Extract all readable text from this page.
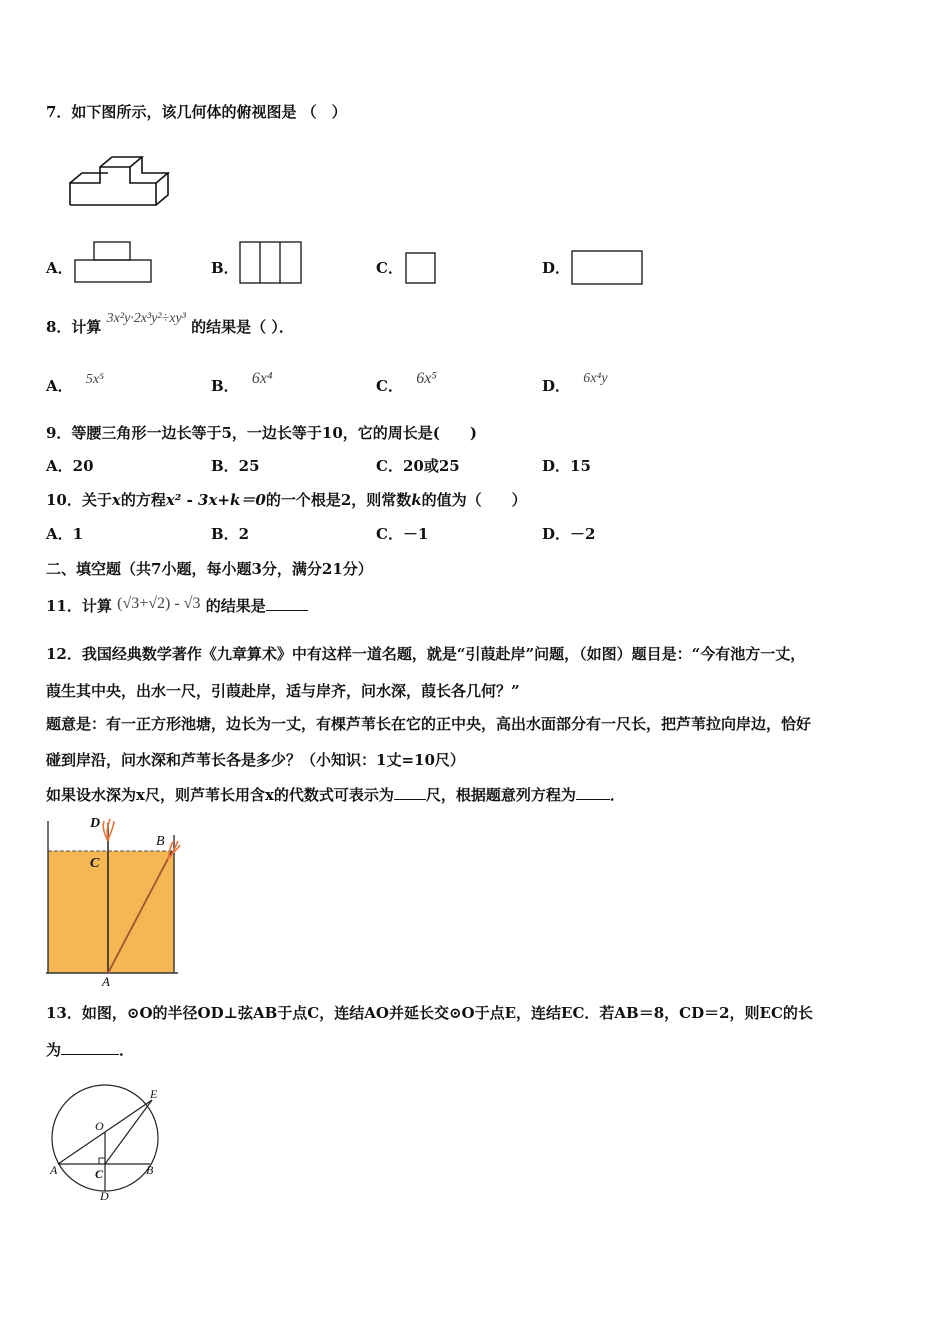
7．如下图所示，该几何体的俯视图是 （　）
A．	B．	C．	D．
8．计算 3x²y·2x³y²÷xy³ 的结果是（ ）．
A． 5x⁵	B． 6x⁴	C． 6x⁵	D． 6x⁴y
9．等腰三角形一边长等于5，一边长等于10，它的周长是(　　)
A．20	B．25	C．20或25	D．15
10．关于x的方程x² - 3x+k＝0的一个根是2，则常数k的值为（　　）
A．1	B．2	C．－1	D．－2
二、填空题（共7小题，每小题3分，满分21分）
11．计算 (√3+√2) - √3 的结果是
12．我国经典数学著作《九章算术》中有这样一道名题，就是“引葭赴岸”问题，（如图）题目是：“今有池方一丈，
葭生其中央，出水一尺，引葭赴岸，适与岸齐，问水深，葭长各几何？”
题意是：有一正方形池塘，边长为一丈，有棵芦苇长在它的正中央，高出水面部分有一尺长，把芦苇拉向岸边，恰好
碰到岸沿，问水深和芦苇长各是多少？（小知识：1丈=10尺）
如果设水深为x尺，则芦苇长用含x的代数式可表示为 尺，根据题意列方程为 ．
D
C
B
A
13．如图，⊙O的半径OD⊥弦AB于点C，连结AO并延长交⊙O于点E，连结EC．若AB＝8，CD＝2，则EC的长
为	．
E
O
A	C	B
D
